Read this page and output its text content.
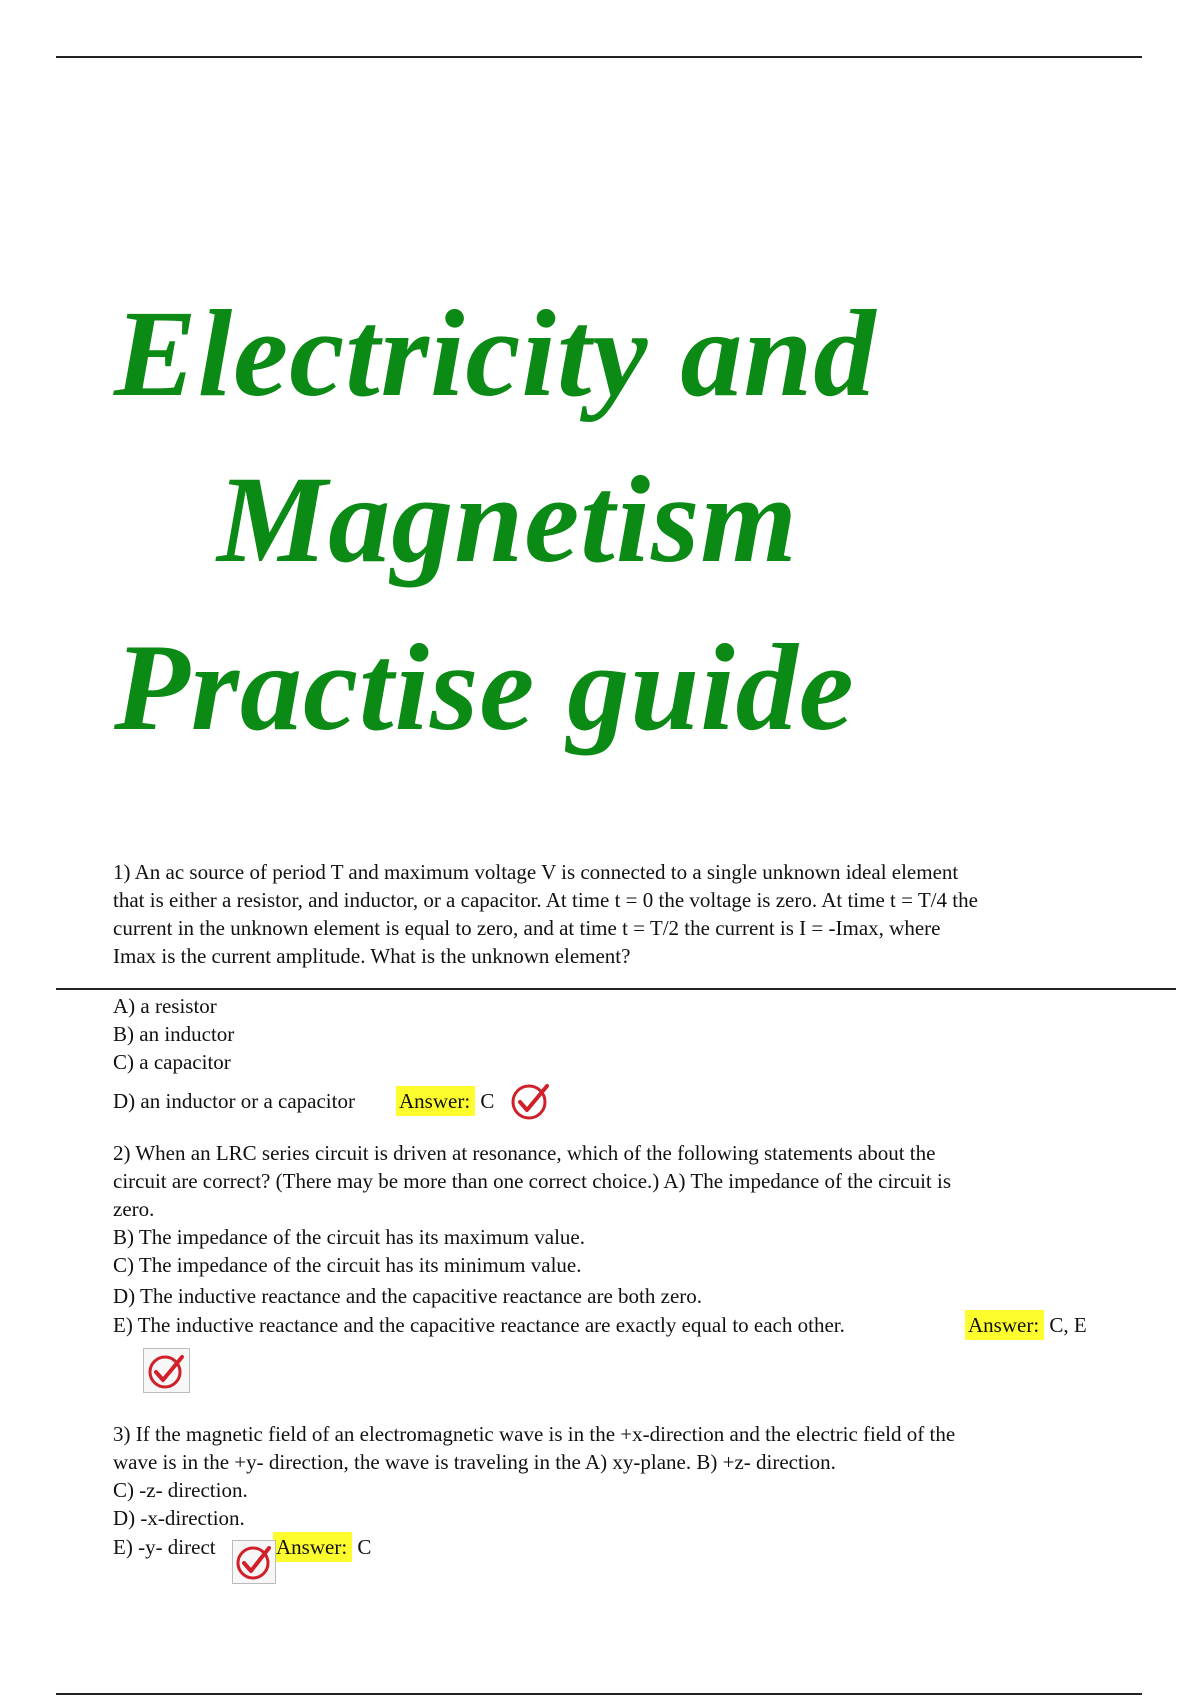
Electricity and
Magnetism
Practise guide
1) An ac source of period T and maximum voltage V is connected to a single unknown ideal element
that is either a resistor, and inductor, or a capacitor. At time t = 0 the voltage is zero. At time t = T/4 the
current in the unknown element is equal to zero, and at time t = T/2 the current is I = -Imax, where
Imax is the current amplitude. What is the unknown element?
A) a resistor
B) an inductor
C) a capacitor
D) an inductor or a capacitor Answer: C
2) When an LRC series circuit is driven at resonance, which of the following statements about the
circuit are correct? (There may be more than one correct choice.) A) The impedance of the circuit is
zero.
B) The impedance of the circuit has its maximum value.
C) The impedance of the circuit has its minimum value.
D) The inductive reactance and the capacitive reactance are both zero.
E) The inductive reactance and the capacitive reactance are exactly equal to each other.	Answer: C, E
3) If the magnetic field of an electromagnetic wave is in the +x-direction and the electric field of the
wave is in the +y- direction, the wave is traveling in the A) xy-plane. B) +z- direction.
C) -z- direction.
D) -x-direction.
E) -y- direct	Answer: C
